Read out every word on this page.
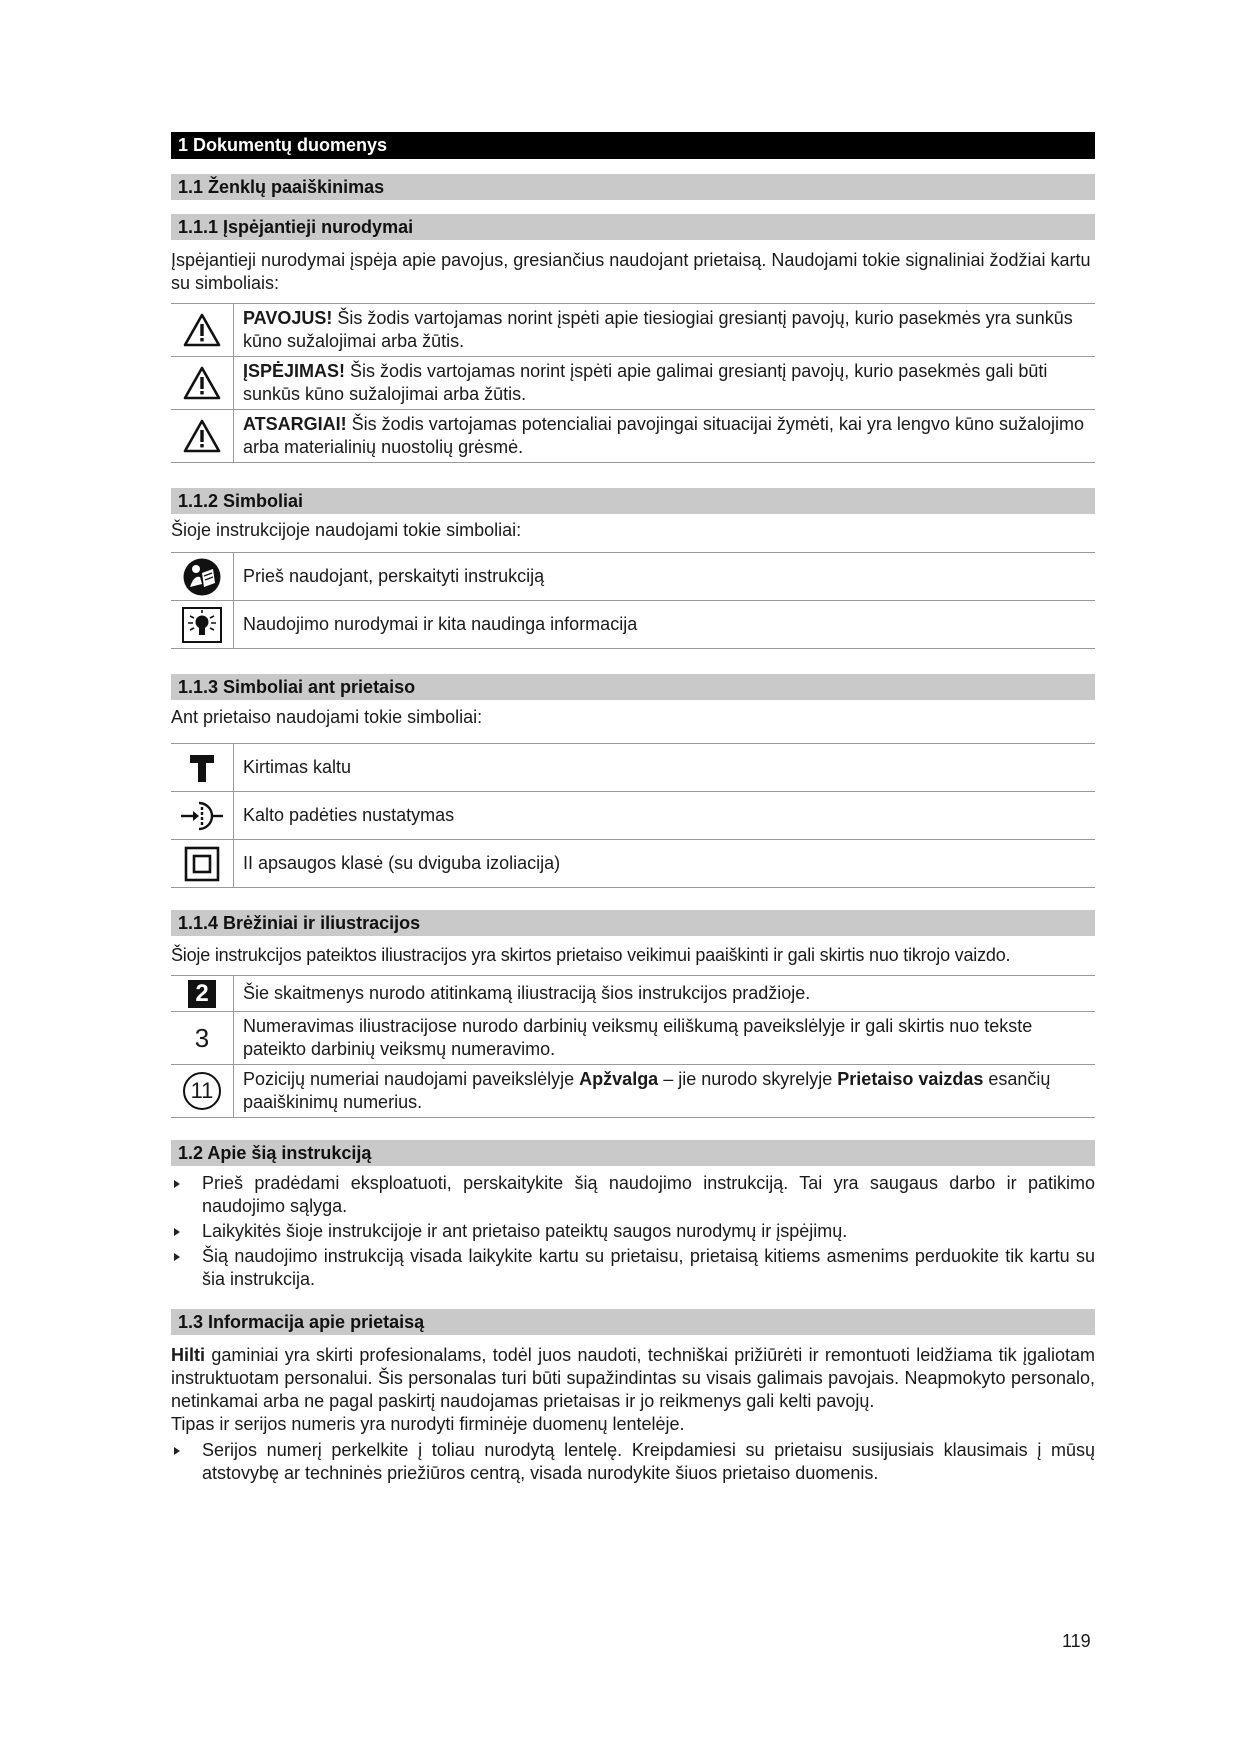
1 Dokumentų duomenys
1.1 Ženklų paaiškinimas
1.1.1 Įspėjantieji nurodymai

Įspėjantieji nurodymai įspėja apie pavojus, gresiančius naudojant prietaisą. Naudojami tokie signaliniai žodžiai kartu su simboliais:

	PAVOJUS! Šis žodis vartojamas norint įspėti apie tiesiogiai gresiantį pavojų, kurio pasekmės yra sunkūs kūno sužalojimai arba žūtis.
	ĮSPĖJIMAS! Šis žodis vartojamas norint įspėti apie galimai gresiantį pavojų, kurio pasekmės gali būti sunkūs kūno sužalojimai arba žūtis.
	ATSARGIAI! Šis žodis vartojamas potencialiai pavojingai situacijai žymėti, kai yra lengvo kūno sužalojimo arba materialinių nuostolių grėsmė.
1.1.2 Simboliai

Šioje instrukcijoje naudojami tokie simboliai:

	Prieš naudojant, perskaityti instrukciją
	Naudojimo nurodymai ir kita naudinga informacija
1.1.3 Simboliai ant prietaiso

Ant prietaiso naudojami tokie simboliai:

	Kirtimas kaltu
	Kalto padėties nustatymas
	II apsaugos klasė (su dviguba izoliacija)
1.1.4 Brėžiniai ir iliustracijos

Šioje instrukcijos pateiktos iliustracijos yra skirtos prietaiso veikimui paaiškinti ir gali skirtis nuo tikrojo vaizdo.

2	Šie skaitmenys nurodo atitinkamą iliustraciją šios instrukcijos pradžioje.
3	Numeravimas iliustracijose nurodo darbinių veiksmų eiliškumą paveikslėlyje ir gali skirtis nuo tekste pateikto darbinių veiksmų numeravimo.
11	Pozicijų numeriai naudojami paveikslėlyje Apžvalga – jie nurodo skyrelyje Prietaiso vaizdas esančių paaiškinimų numerius.
1.2 Apie šią instrukciją
Prieš pradėdami eksploatuoti, perskaitykite šią naudojimo instrukciją. Tai yra saugaus darbo ir patikimo naudojimo sąlyga.
Laikykitės šioje instrukcijoje ir ant prietaiso pateiktų saugos nurodymų ir įspėjimų.
Šią naudojimo instrukciją visada laikykite kartu su prietaisu, prietaisą kitiems asmenims perduokite tik kartu su šia instrukcija.
1.3 Informacija apie prietaisą

Hilti gaminiai yra skirti profesionalams, todėl juos naudoti, techniškai prižiūrėti ir remontuoti leidžiama tik įgaliotam instruktuotam personalui. Šis personalas turi būti supažindintas su visais galimais pavojais. Neapmokyto personalo, netinkamai arba ne pagal paskirtį naudojamas prietaisas ir jo reikmenys gali kelti pavojų.

Tipas ir serijos numeris yra nurodyti firminėje duomenų lentelėje.

Serijos numerį perkelkite į toliau nurodytą lentelę. Kreipdamiesi su prietaisu susijusiais klausimais į mūsų atstovybę ar techninės priežiūros centrą, visada nurodykite šiuos prietaiso duomenis.
119
